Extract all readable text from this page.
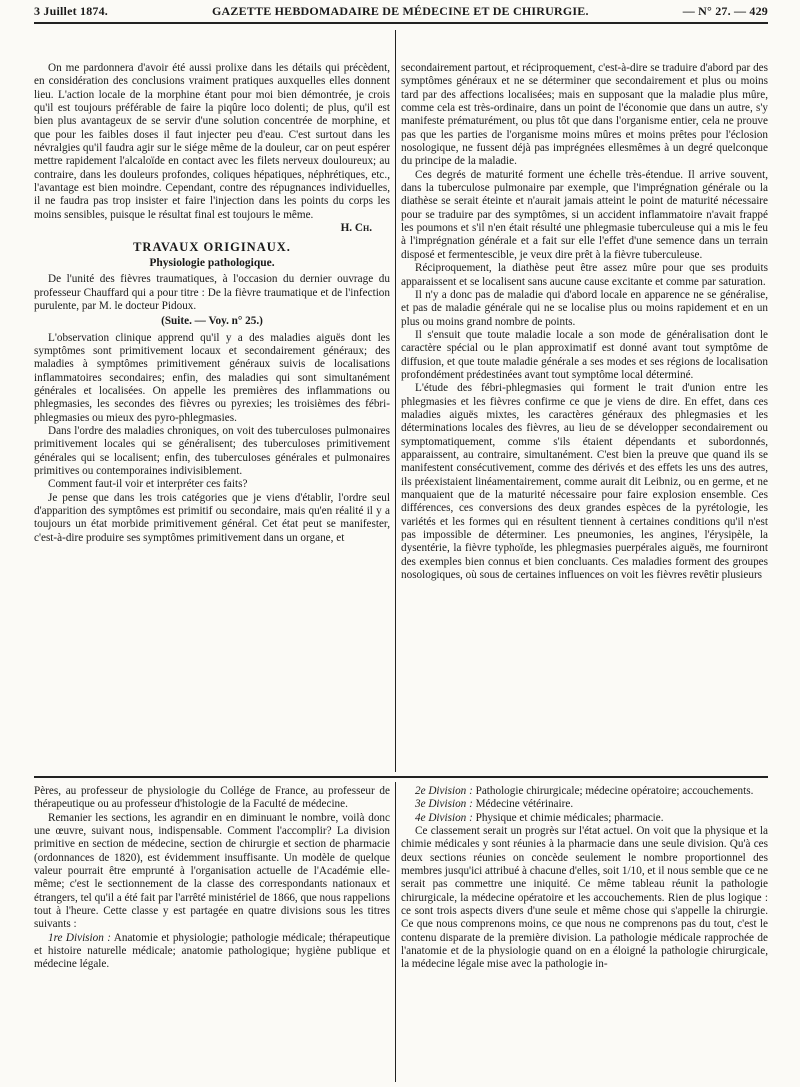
3 Juillet 1874.	GAZETTE HEBDOMADAIRE DE MÉDECINE ET DE CHIRURGIE.	— N° 27. — 429

On me pardonnera d'avoir été aussi prolixe dans les détails qui précèdent, en considération des conclusions vraiment pratiques auxquelles elles donnent lieu. L'action locale de la morphine étant pour moi bien démontrée, je crois qu'il est toujours préférable de faire la piqûre loco dolenti; de plus, qu'il est bien plus avantageux de se servir d'une solution concentrée de morphine, et que pour les faibles doses il faut injecter peu d'eau. C'est surtout dans les névralgies qu'il faudra agir sur le siége même de la douleur, car on peut espérer mettre rapidement l'alcaloïde en contact avec les filets nerveux douloureux; au contraire, dans les douleurs profondes, coliques hépatiques, néphrétiques, etc., l'avantage est bien moindre. Cependant, contre des répugnances individuelles, il ne faudra pas trop insister et faire l'injection dans les points du corps les moins sensibles, puisque le résultat final est toujours le même.

H. Ch.

TRAVAUX ORIGINAUX.
Physiologie pathologique.

De l'unité des fièvres traumatiques, à l'occasion du dernier ouvrage du professeur Chauffard qui a pour titre : De la fièvre traumatique et de l'infection purulente, par M. le docteur Pidoux.

(Suite. — Voy. n° 25.)

L'observation clinique apprend qu'il y a des maladies aiguës dont les symptômes sont primitivement locaux et secondairement généraux; des maladies à symptômes primitivement généraux suivis de localisations inflammatoires secondaires; enfin, des maladies qui sont simultanément générales et localisées. On appelle les premières des inflammations ou phlegmasies, les secondes des fièvres ou pyrexies; les troisièmes des fébri-phlegmasies ou mieux des pyro-phlegmasies.

Dans l'ordre des maladies chroniques, on voit des tuberculoses pulmonaires primitivement locales qui se généralisent; des tuberculoses primitivement générales qui se localisent; enfin, des tuberculoses générales et pulmonaires primitives ou contemporaines indivisiblement.

Comment faut-il voir et interpréter ces faits?

Je pense que dans les trois catégories que je viens d'établir, l'ordre seul d'apparition des symptômes est primitif ou secondaire, mais qu'en réalité il y a toujours un état morbide primitivement général. Cet état peut se manifester, c'est-à-dire produire ses symptômes primitivement dans un organe, et

secondairement partout, et réciproquement, c'est-à-dire se traduire d'abord par des symptômes généraux et ne se déterminer que secondairement et plus ou moins tard par des affections localisées; mais en supposant que la maladie plus mûre, comme cela est très-ordinaire, dans un point de l'économie que dans un autre, s'y manifeste prématurément, ou plus tôt que dans l'organisme entier, cela ne prouve pas que les parties de l'organisme moins mûres et moins prêtes pour l'éclosion nosologique, ne fussent déjà pas imprégnées ellesmêmes à un degré quelconque du principe de la maladie.

Ces degrés de maturité forment une échelle très-étendue. Il arrive souvent, dans la tuberculose pulmonaire par exemple, que l'imprégnation générale ou la diathèse se serait éteinte et n'aurait jamais atteint le point de maturité nécessaire pour se traduire par des symptômes, si un accident inflammatoire n'avait frappé les poumons et s'il n'en était résulté une phlegmasie tuberculeuse qui a mis le feu à l'imprégnation générale et a fait sur elle l'effet d'une semence dans un terrain disposé et fermentescible, je veux dire prêt à la fièvre tuberculeuse.

Réciproquement, la diathèse peut être assez mûre pour que ses produits apparaissent et se localisent sans aucune cause excitante et comme par saturation.

Il n'y a donc pas de maladie qui d'abord locale en apparence ne se généralise, et pas de maladie générale qui ne se localise plus ou moins rapidement et en un plus ou moins grand nombre de points.

Il s'ensuit que toute maladie locale a son mode de généralisation dont le caractère spécial ou le plan approximatif est donné avant tout symptôme de diffusion, et que toute maladie générale a ses modes et ses régions de localisation profondément prédestinées avant tout symptôme local déterminé.

L'étude des fébri-phlegmasies qui forment le trait d'union entre les phlegmasies et les fièvres confirme ce que je viens de dire. En effet, dans ces maladies aiguës mixtes, les caractères généraux des phlegmasies et les déterminations locales des fièvres, au lieu de se développer secondairement ou symptomatiquement, comme s'ils étaient dépendants et subordonnés, apparaissent, au contraire, simultanément. C'est bien la preuve que quand ils se manifestent consécutivement, comme des dérivés et des effets les uns des autres, ils préexistaient linéamentairement, comme aurait dit Leibniz, ou en germe, et ne manquaient que de la maturité nécessaire pour faire explosion ensemble. Ces différences, ces conversions des deux grandes espèces de la pyrétologie, les variétés et les formes qui en résultent tiennent à certaines conditions qu'il n'est pas impossible de déterminer. Les pneumonies, les angines, l'érysipèle, la dysentérie, la fièvre typhoïde, les phlegmasies puerpérales aiguës, me fourniront des exemples bien connus et bien concluants. Ces maladies forment des groupes nosologiques, où sous de certaines influences on voit les fièvres revêtir plusieurs

Pères, au professeur de physiologie du Collége de France, au professeur de thérapeutique ou au professeur d'histologie de la Faculté de médecine.

Remanier les sections, les agrandir en en diminuant le nombre, voilà donc une œuvre, suivant nous, indispensable. Comment l'accomplir? La division primitive en section de médecine, section de chirurgie et section de pharmacie (ordonnances de 1820), est évidemment insuffisante. Un modèle de quelque valeur pourrait être emprunté à l'organisation actuelle de l'Académie elle-même; c'est le sectionnement de la classe des correspondants nationaux et étrangers, tel qu'il a été fait par l'arrêté ministériel de 1866, que nous rappelions tout à l'heure. Cette classe y est partagée en quatre divisions sous les titres suivants :

1re Division : Anatomie et physiologie; pathologie médicale; thérapeutique et histoire naturelle médicale; anatomie pathologique; hygiène publique et médecine légale.

2e Division : Pathologie chirurgicale; médecine opératoire; accouchements.

3e Division : Médecine vétérinaire.

4e Division : Physique et chimie médicales; pharmacie.

Ce classement serait un progrès sur l'état actuel. On voit que la physique et la chimie médicales y sont réunies à la pharmacie dans une seule division. Qu'à ces deux sections réunies on concède seulement le nombre proportionnel des membres jusqu'ici attribué à chacune d'elles, soit 1/10, et il nous semble que ce ne serait pas commettre une iniquité. Ce même tableau réunit la pathologie chirurgicale, la médecine opératoire et les accouchements. Rien de plus logique : ce sont trois aspects divers d'une seule et même chose qui s'appelle la chirurgie. Ce que nous comprenons moins, ce que nous ne comprenons pas du tout, c'est le contenu disparate de la première division. La pathologie médicale rapprochée de l'anatomie et de la physiologie quand on en a éloigné la pathologie chirurgicale, la médecine légale mise avec la pathologie in-
